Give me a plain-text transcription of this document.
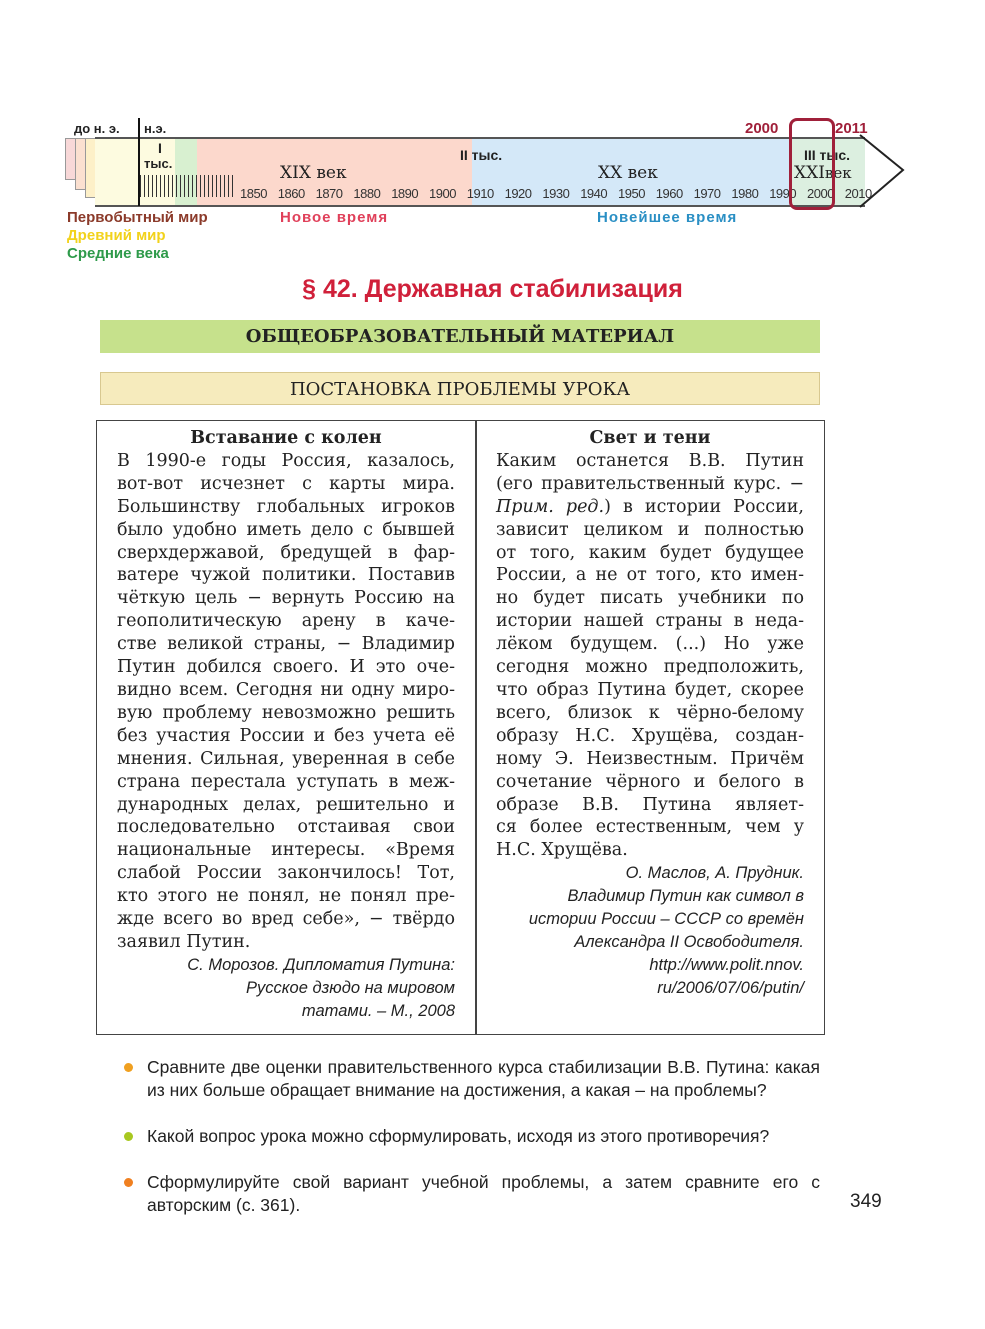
до н. э. н.э.
I
тыс.
II тыс.	III тыс.
XIX век	XX век	XXIвек
1850 1860 1870 1880 1890 1900 1910 1920 1930 1940 1950 1960 1970 1980 1990 2000 2010
2000	2011
Первобытный мир
Древний мир
Средние века
Новое время	Новейшее время
§ 42. Державная стабилизация
ОБЩЕОБРАЗОВАТЕЛЬНЫЙ МАТЕРИАЛ
ПОСТАНОВКА ПРОБЛЕМЫ УРОКА
Вставание с колен
В 1990-е годы Россия, казалось,
вот-вот исчезнет с карты мира.
Большинству глобальных игроков
было удобно иметь дело с бывшей
сверхдержавой, бредущей в фар-
ватере чужой политики. Поставив
чёткую цель − вернуть Россию на
геополитическую арену в каче-
стве великой страны, − Владимир
Путин добился своего. И это оче-
видно всем. Сегодня ни одну миро-
вую проблему невозможно решить
без участия России и без учета её
мнения. Сильная, уверенная в себе
страна перестала уступать в меж-
дународных делах, решительно и
последовательно отстаивая свои
национальные интересы. «Время
слабой России закончилось! Тот,
кто этого не понял, не понял пре-
жде всего во вред себе», − твёрдо
заявил Путин.
С. Морозов. Дипломатия Путина:
Русское дзюдо на мировом
татами. – М., 2008
Свет и тени
Каким останется В.В. Путин
(его правительственный курс. −
Прим. ред.) в истории России,
зависит целиком и полностью
от того, каким будет будущее
России, а не от того, кто имен-
но будет писать учебники по
истории нашей страны в неда-
лёком будущем. (...) Но уже
сегодня можно предположить,
что образ Путина будет, скорее
всего, близок к чёрно-белому
образу Н.С. Хрущёва, создан-
ному Э. Неизвестным. Причём
сочетание чёрного и белого в
образе В.В. Путина являет-
ся более естественным, чем у
Н.С. Хрущёва.
О. Маслов, А. Прудник.
Владимир Путин как символ в
истории России – СССР со времён
Александра II Освободителя.
http://www.polit.nnov.
ru/2006/07/06/putin/
Сравните две оценки правительственного курса стабилизации В.В. Путина: какая из них больше обращает внимание на достижения, а какая – на проблемы?
Какой вопрос урока можно сформулировать, исходя из этого противоречия?
Сформулируйте свой вариант учебной проблемы, а затем сравните его с авторским (с. 361).	349
